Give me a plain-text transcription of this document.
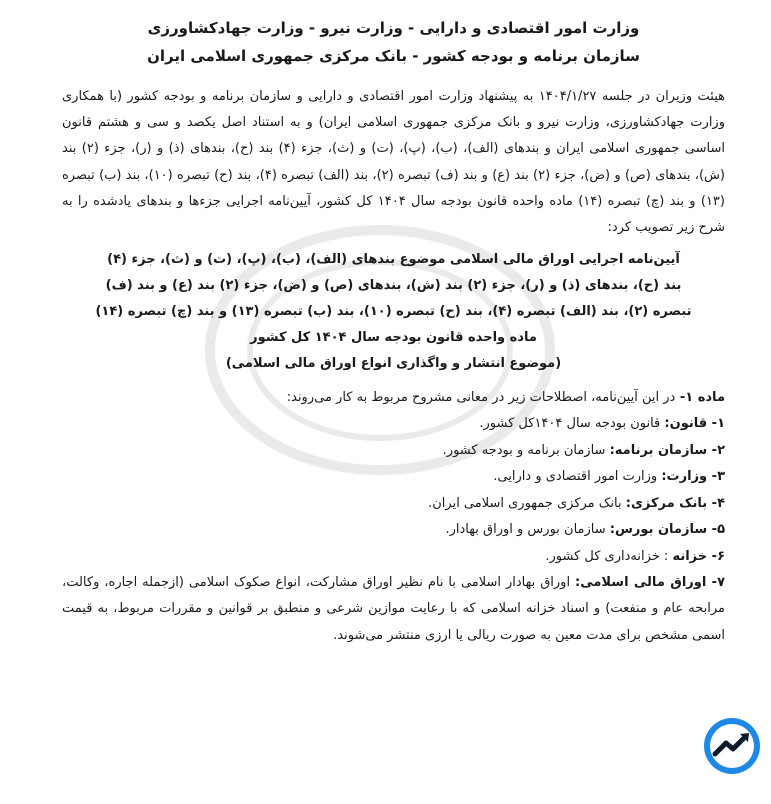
وزارت امور اقتصادی و دارایی - وزارت نیرو - وزارت جهادکشاورزی
سازمان برنامه و بودجه کشور - بانک مرکزی جمهوری اسلامی ایران

هیئت وزیران در جلسه ۱۴۰۴/۱/۲۷ به پیشنهاد وزارت امور اقتصادی و دارایی و سازمان برنامه و بودجه کشور (با همکاری وزارت جهادکشاورزی، وزارت نیرو و بانک مرکزی جمهوری اسلامی ایران) و به استناد اصل یکصد و سی و هشتم قانون اساسی جمهوری اسلامی ایران و بندهای (الف)، (ب)، (پ)، (ت) و (ث)، جزء (۴) بند (ح)، بندهای (ذ) و (ر)، جزء (۲) بند (ش)، بندهای (ص) و (ض)، جزء (۲) بند (ع) و بند (ف) تبصره (۲)، بند (الف) تبصره (۴)، بند (ح) تبصره (۱۰)، بند (ب) تبصره (۱۳) و بند (چ) تبصره (۱۴) ماده واحده قانون بودجه سال ۱۴۰۴ کل کشور، آیین‌نامه اجرایی جزءها و بندهای یادشده را به شرح زیر تصویب کرد:

آیین‌نامه اجرایی اوراق مالی اسلامی موضوع بندهای (الف)، (ب)، (پ)، (ت) و (ث)، جزء (۴)
بند (ح)، بندهای (ذ) و (ر)، جزء (۲) بند (ش)، بندهای (ص) و (ض)، جزء (۲) بند (ع) و بند (ف)
تبصره (۲)، بند (الف) تبصره (۴)، بند (ح) تبصره (۱۰)، بند (ب) تبصره (۱۳) و بند (چ) تبصره (۱۴)
ماده واحده قانون بودجه سال ۱۴۰۴ کل کشور
(موضوع انتشار و واگذاری انواع اوراق مالی اسلامی)

ماده ۱- در این آیین‌نامه، اصطلاحات زیر در معانی مشروح مربوط به کار می‌روند:

۱- قانون: قانون بودجه سال ۱۴۰۴کل کشور.

۲- سازمان برنامه: سازمان برنامه و بودجه کشور.

۳- وزارت: وزارت امور اقتصادی و دارایی.

۴- بانک مرکزی: بانک مرکزی جمهوری اسلامی ایران.

۵- سازمان بورس: سازمان بورس و اوراق بهادار.

۶- خزانه : خزانه‌داری کل کشور.

۷- اوراق مالی اسلامی: اوراق بهادار اسلامی با نام نظیر اوراق مشارکت، انواع صکوک اسلامی (ازجمله اجاره، وکالت، مرابحه عام و منفعت) و اسناد خزانه اسلامی که با رعایت موازین شرعی و منطبق بر قوانین و مقررات مربوط، به قیمت اسمی مشخص برای مدت معین به صورت ریالی یا ارزی منتشر می‌شوند.
